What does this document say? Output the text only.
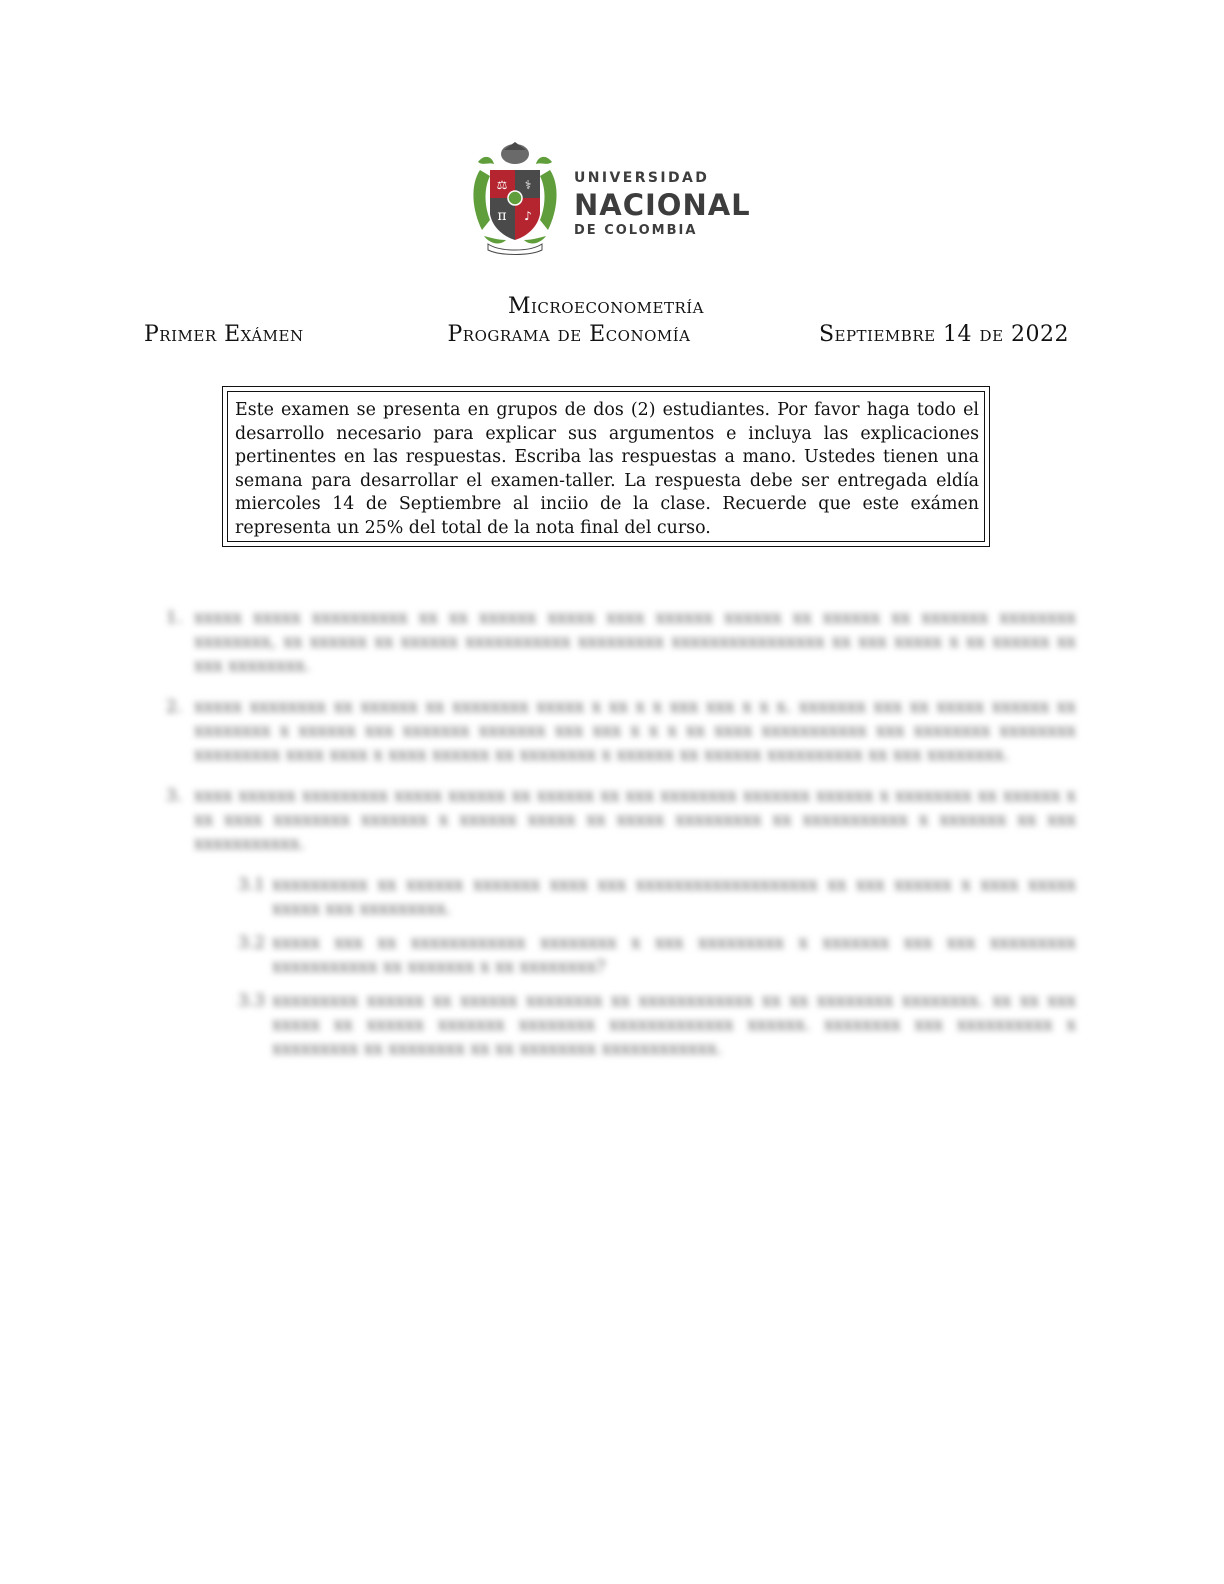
⚖ ⚕
π ♪
UNIVERSIDAD
NACIONAL
DE COLOMBIA
Microeconometría
Primer Exámen	Programa de Economía	Septiembre 14 de 2022
Este examen se presenta en grupos de dos (2) estudiantes. Por favor haga todo el desarrollo necesario para explicar sus argumentos e incluya las explicaciones pertinentes en las respuestas. Escriba las respuestas a mano. Ustedes tienen una semana para desarrollar el examen-taller. La respuesta debe ser entregada eldía miercoles 14 de Septiembre al inciio de la clase. Recuerde que este exámen representa un 25% del total de la nota final del curso.
1. xxxxx xxxxx xxxxxxxxxx xx xx xxxxxx xxxxx xxxx xxxxxx xxxxxx xx xxxxxx xx xxxxxxx xxxxxxxx xxxxxxxx, xx xxxxxx xx xxxxxx xxxxxxxxxxx xxxxxxxxx xxxxxxxxxxxxxxxx xx xxx xxxxx x xx xxxxxx xx xxx xxxxxxxx.
2. xxxxx xxxxxxxx xx xxxxxx xx xxxxxxxx xxxxx x xx x x xxx xxx x x x. xxxxxxx xxx xx xxxxx xxxxxx xx xxxxxxxx x xxxxxx xxx xxxxxxx xxxxxxx xxx xxx x x x xx xxxx xxxxxxxxxxx xxx xxxxxxxx xxxxxxxx xxxxxxxxx xxxx xxxx x xxxx xxxxxx xx xxxxxxxx x xxxxxx xx xxxxxx xxxxxxxxxx xx xxx xxxxxxxx.
3. xxxx xxxxxx xxxxxxxxx xxxxx xxxxxx xx xxxxxx xx xxx xxxxxxxx xxxxxxx xxxxxx x xxxxxxxx xx xxxxxx x xx xxxx xxxxxxxx xxxxxxx x xxxxxx xxxxx xx xxxxx xxxxxxxxx xx xxxxxxxxxxx x xxxxxxx xx xxx xxxxxxxxxxx.
3.1 xxxxxxxxxx xx xxxxxx xxxxxxx xxxx xxx xxxxxxxxxxxxxxxxxxx xx xxx xxxxxx x xxxx xxxxx xxxxx xxx xxxxxxxxx.
3.2 xxxxx xxx xx xxxxxxxxxxxx xxxxxxxx x xxx xxxxxxxxx x xxxxxxx xxx xxx xxxxxxxxx xxxxxxxxxxx xx xxxxxxx x xx xxxxxxxx?
3.3 xxxxxxxxx xxxxxx xx xxxxxx xxxxxxxx xx xxxxxxxxxxxx xx xx xxxxxxxx xxxxxxxx. xx xx xxx xxxxx xx xxxxxx xxxxxxx xxxxxxxx xxxxxxxxxxxxx xxxxxx. xxxxxxxx xxx xxxxxxxxxx x xxxxxxxxx xx xxxxxxxx xx xx xxxxxxxx xxxxxxxxxxxx.
